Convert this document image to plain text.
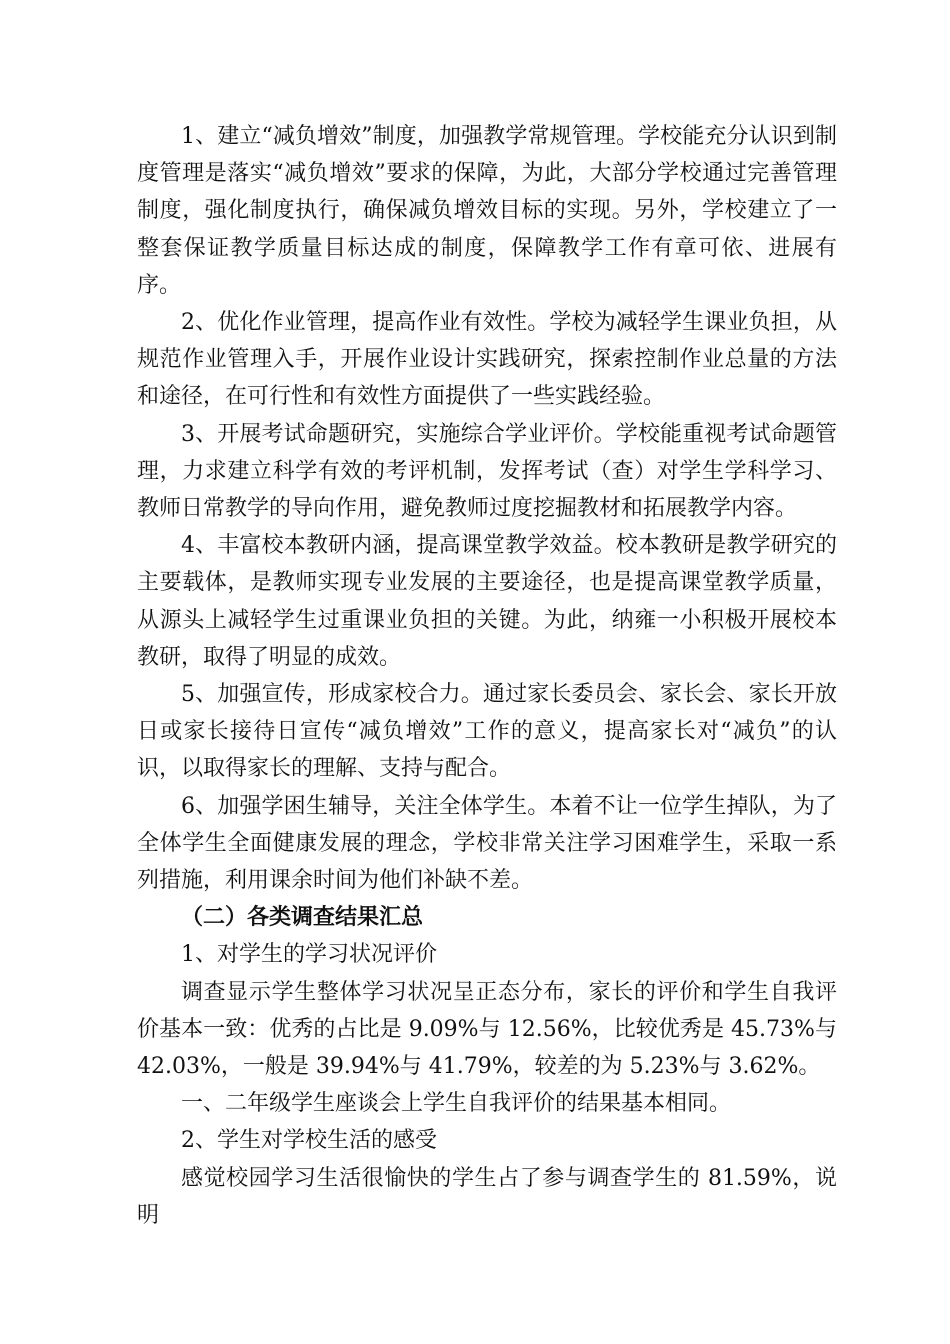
1、建立“减负增效”制度，加强教学常规管理。学校能充分认识到制度管理是落实“减负增效”要求的保障，为此，大部分学校通过完善管理制度，强化制度执行，确保减负增效目标的实现。另外，学校建立了一整套保证教学质量目标达成的制度，保障教学工作有章可依、进展有序。

2、优化作业管理，提高作业有效性。学校为减轻学生课业负担，从规范作业管理入手，开展作业设计实践研究，探索控制作业总量的方法和途径，在可行性和有效性方面提供了一些实践经验。

3、开展考试命题研究，实施综合学业评价。学校能重视考试命题管理，力求建立科学有效的考评机制，发挥考试（查）对学生学科学习、教师日常教学的导向作用，避免教师过度挖掘教材和拓展教学内容。

4、丰富校本教研内涵，提高课堂教学效益。校本教研是教学研究的主要载体，是教师实现专业发展的主要途径，也是提高课堂教学质量，从源头上减轻学生过重课业负担的关键。为此，纳雍一小积极开展校本教研，取得了明显的成效。

5、加强宣传，形成家校合力。通过家长委员会、家长会、家长开放日或家长接待日宣传“减负增效”工作的意义，提高家长对“减负”的认识，以取得家长的理解、支持与配合。

6、加强学困生辅导，关注全体学生。本着不让一位学生掉队，为了全体学生全面健康发展的理念，学校非常关注学习困难学生，采取一系列措施，利用课余时间为他们补缺不差。

（二）各类调查结果汇总

1、对学生的学习状况评价

调查显示学生整体学习状况呈正态分布，家长的评价和学生自我评价基本一致：优秀的占比是 9.09%与 12.56%，比较优秀是 45.73%与 42.03%，一般是 39.94%与 41.79%，较差的为 5.23%与 3.62%。

一、二年级学生座谈会上学生自我评价的结果基本相同。

2、学生对学校生活的感受

感觉校园学习生活很愉快的学生占了参与调查学生的 81.59%，说明
